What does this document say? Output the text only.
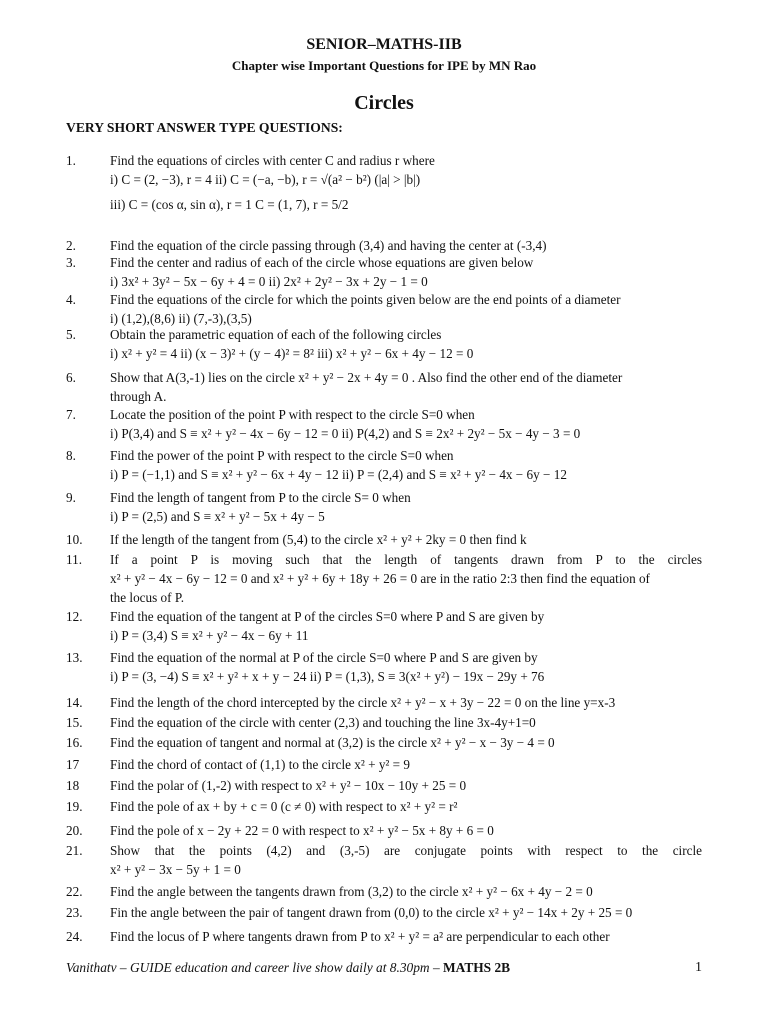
SENIOR–MATHS-IIB
Chapter wise Important Questions for IPE by MN Rao
Circles
VERY SHORT ANSWER TYPE QUESTIONS:
1.	Find the equations of circles with center C and radius r where
i) C = (2, −3), r = 4 ii) C = (−a, −b), r = √(a² − b²) (|a| > |b|)
iii) C = (cos α, sin α), r = 1 C = (1, 7), r = 5/2
2.	Find the equation of the circle passing through (3,4) and having the center at (-3,4)
3.	Find the center and radius of each of the circle whose equations are given below
i) 3x² + 3y² − 5x − 6y + 4 = 0 ii) 2x² + 2y² − 3x + 2y − 1 = 0
4.	Find the equations of the circle for which the points given below are the end points of a diameter
i) (1,2),(8,6) ii) (7,-3),(3,5)
5.	Obtain the parametric equation of each of the following circles
i) x² + y² = 4 ii) (x − 3)² + (y − 4)² = 8² iii) x² + y² − 6x + 4y − 12 = 0
6.	Show that A(3,-1) lies on the circle x² + y² − 2x + 4y = 0 . Also find the other end of the diameter
through A.
7.	Locate the position of the point P with respect to the circle S=0 when
i) P(3,4) and S ≡ x² + y² − 4x − 6y − 12 = 0 ii) P(4,2) and S ≡ 2x² + 2y² − 5x − 4y − 3 = 0
8.	Find the power of the point P with respect to the circle S=0 when
i) P = (−1,1) and S ≡ x² + y² − 6x + 4y − 12 ii) P = (2,4) and S ≡ x² + y² − 4x − 6y − 12
9.	Find the length of tangent from P to the circle S= 0 when
i) P = (2,5) and S ≡ x² + y² − 5x + 4y − 5
10. If the length of the tangent from (5,4) to the circle x² + y² + 2ky = 0 then find k
11. If a point P is moving such that the length of tangents drawn from P to the circles
x² + y² − 4x − 6y − 12 = 0 and x² + y² + 6y + 18y + 26 = 0 are in the ratio 2:3 then find the equation of
the locus of P.
12. Find the equation of the tangent at P of the circles S=0 where P and S are given by
i) P = (3,4) S ≡ x² + y² − 4x − 6y + 11
13. Find the equation of the normal at P of the circle S=0 where P and S are given by
i) P = (3, −4) S ≡ x² + y² + x + y − 24 ii) P = (1,3), S ≡ 3(x² + y²) − 19x − 29y + 76
14. Find the length of the chord intercepted by the circle x² + y² − x + 3y − 22 = 0 on the line y=x-3
15. Find the equation of the circle with center (2,3) and touching the line 3x-4y+1=0
16. Find the equation of tangent and normal at (3,2) is the circle x² + y² − x − 3y − 4 = 0
17 Find the chord of contact of (1,1) to the circle x² + y² = 9
18 Find the polar of (1,-2) with respect to x² + y² − 10x − 10y + 25 = 0
19. Find the pole of ax + by + c = 0 (c ≠ 0) with respect to x² + y² = r²
20. Find the pole of x − 2y + 22 = 0 with respect to x² + y² − 5x + 8y + 6 = 0
21. Show that the points (4,2) and (3,-5) are conjugate points with respect to the circle
x² + y² − 3x − 5y + 1 = 0
22. Find the angle between the tangents drawn from (3,2) to the circle x² + y² − 6x + 4y − 2 = 0
23. Fin the angle between the pair of tangent drawn from (0,0) to the circle x² + y² − 14x + 2y + 25 = 0
24. Find the locus of P where tangents drawn from P to x² + y² = a² are perpendicular to each other
Vanithatv – GUIDE education and career live show daily at 8.30pm – MATHS 2B	1
